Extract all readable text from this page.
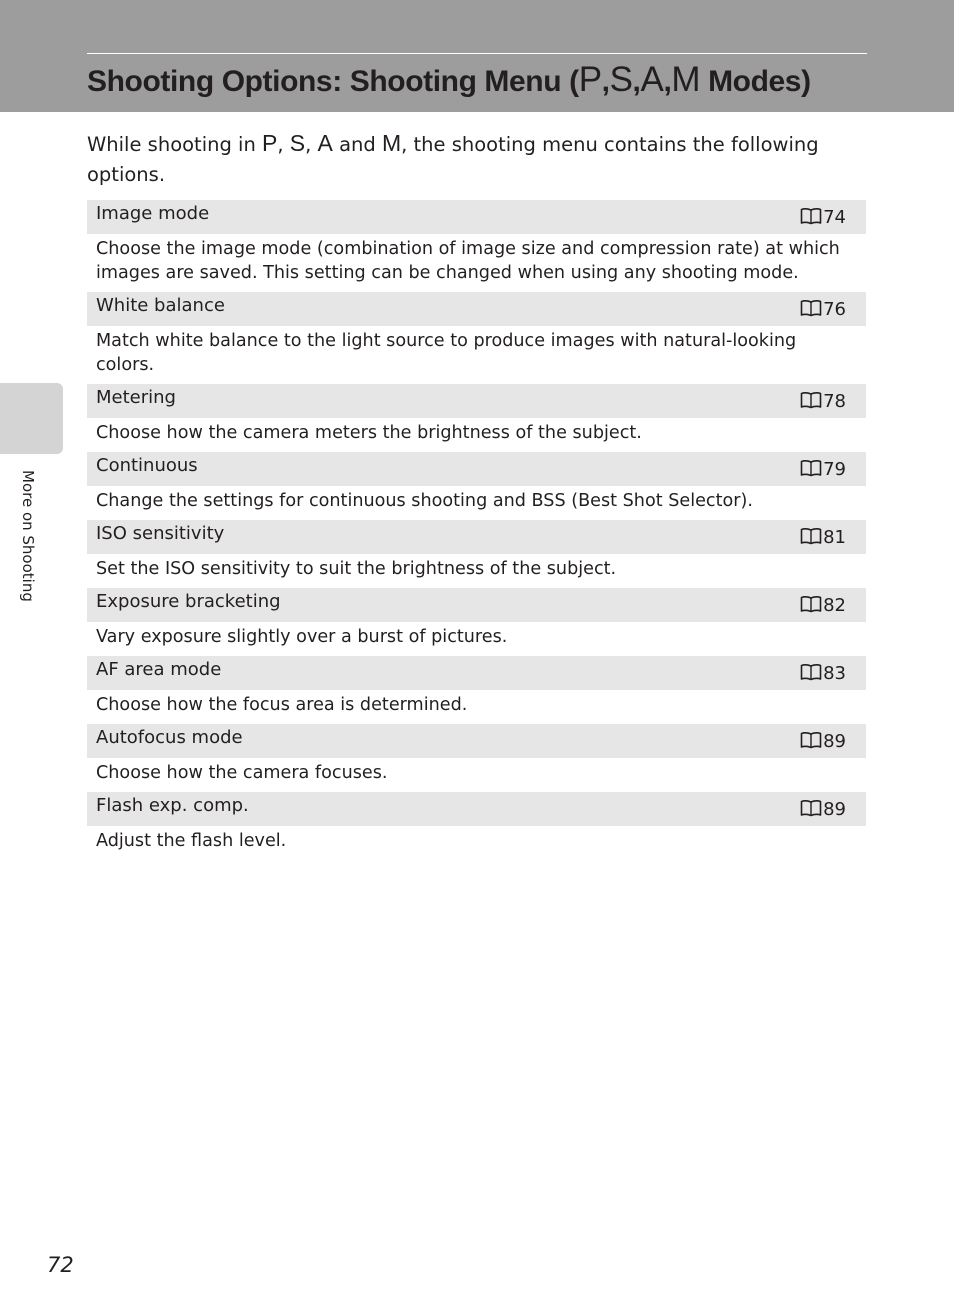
Shooting Options: Shooting Menu (P,S,A,M Modes)

While shooting in P, S, A and M, the shooting menu contains the following options.

Image mode	74
Choose the image mode (combination of image size and compression rate) at which images are saved. This setting can be changed when using any shooting mode.
White balance	76
Match white balance to the light source to produce images with natural-looking colors.
Metering	78
Choose how the camera meters the brightness of the subject.
Continuous	79
Change the settings for continuous shooting and BSS (Best Shot Selector).
ISO sensitivity	81
Set the ISO sensitivity to suit the brightness of the subject.
Exposure bracketing	82
Vary exposure slightly over a burst of pictures.
AF area mode	83
Choose how the focus area is determined.
Autofocus mode	89
Choose how the camera focuses.
Flash exp. comp.	89
Adjust the flash level.
More on Shooting
72
